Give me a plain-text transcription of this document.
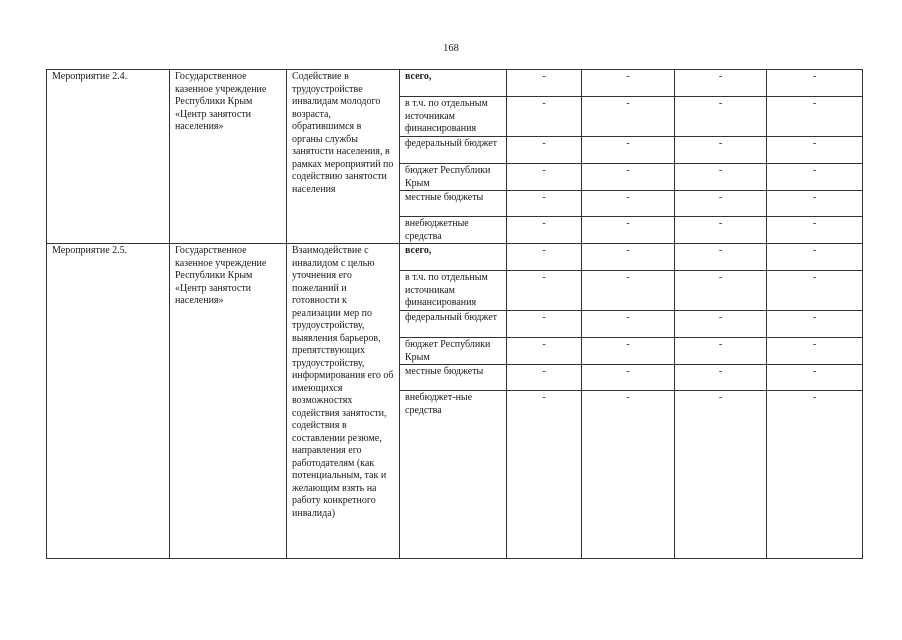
168
Мероприятие 2.4.	Государственное казенное учреждение Республики Крым «Центр занятости населения»	Содействие в трудоустройстве инвалидам молодого возраста, обратившимся в органы службы занятости населения, в рамках мероприятий по содействию занятости населения	всего,	-	-	-	-
			в т.ч. по отдельным источникам финансирования	-	-	-	-
			федеральный бюджет	-	-	-	-
			бюджет Республики Крым	-	-	-	-
			местные бюджеты	-	-	-	-
			внебюджетные средства	-	-	-	-
Мероприятие 2.5.	Государственное казенное учреждение Республики Крым «Центр занятости населения»	Взаимодействие с инвалидом с целью уточнения его пожеланий и готовности к реализации мер по трудоустройству, выявления барьеров, препятствующих трудоустройству, информирования его об имеющихся возможностях содействия занятости, содействия в составлении резюме, направления его работодателям (как потенциальным, так и желающим взять на работу конкретного инвалида)	всего,	-	-	-	-
			в т.ч. по отдельным источникам финансирования	-	-	-	-
			федеральный бюджет	-	-	-	-
			бюджет Республики Крым	-	-	-	-
			местные бюджеты	-	-	-	-
			внебюджет-ные средства	-	-	-	-
